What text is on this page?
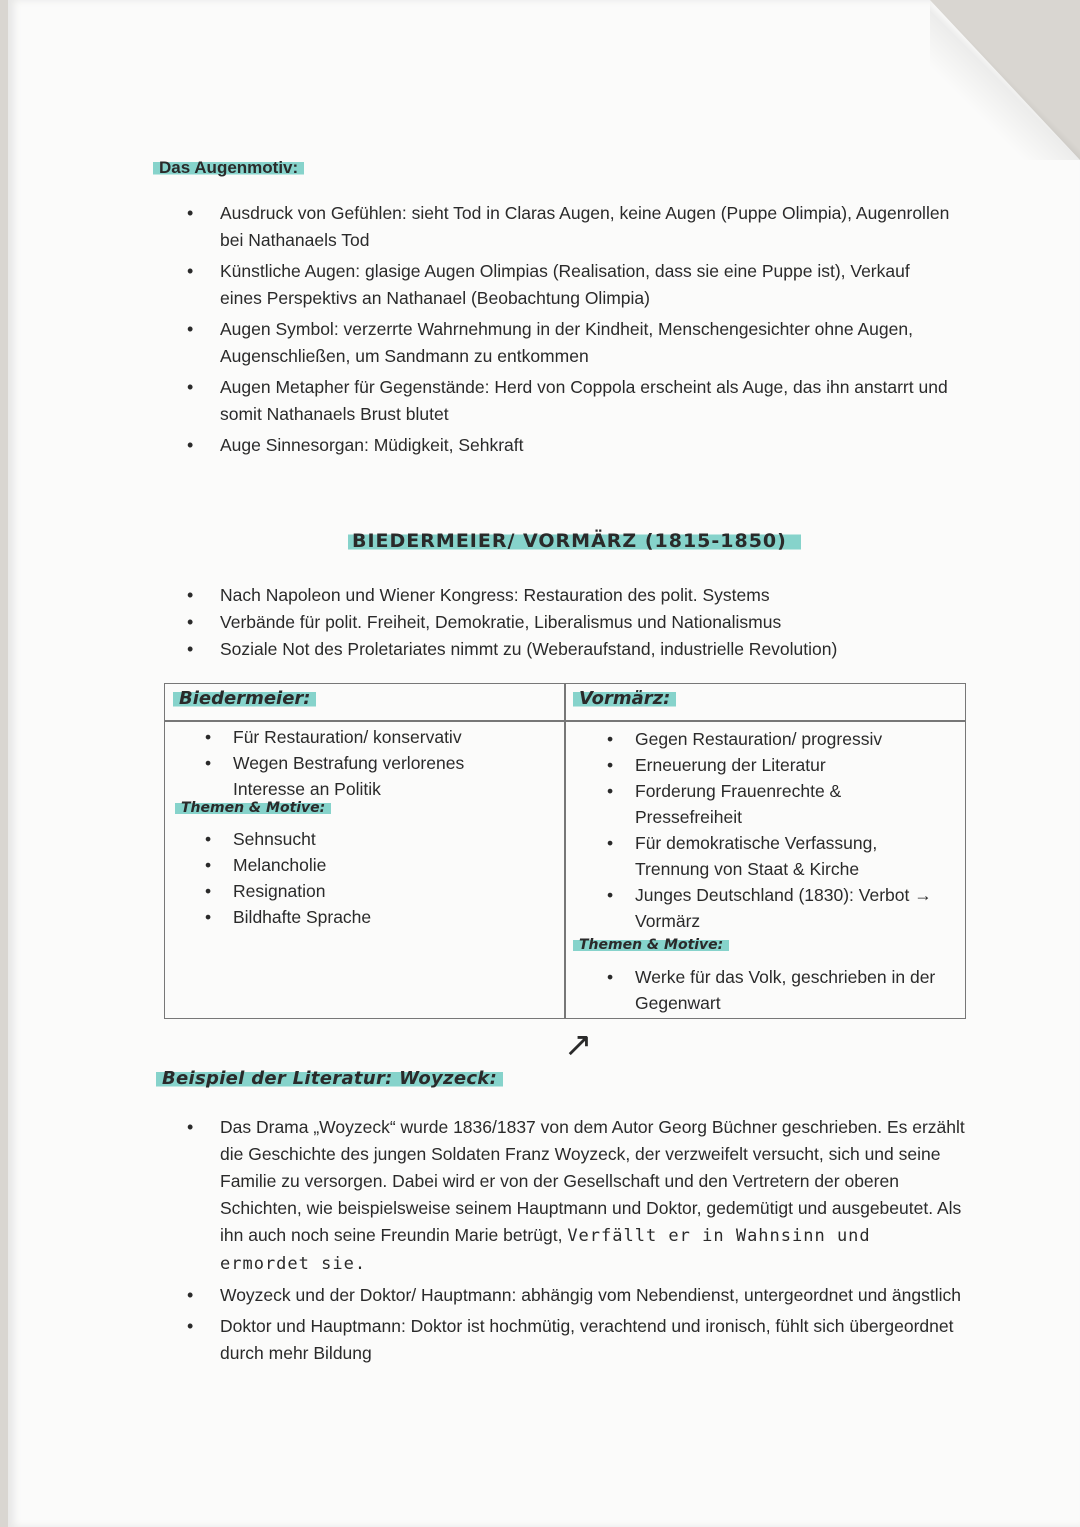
Das Augenmotiv:
• Ausdruck von Gefühlen: sieht Tod in Claras Augen, keine Augen (Puppe Olimpia), Augenrollen bei Nathanaels Tod
• Künstliche Augen: glasige Augen Olimpias (Realisation, dass sie eine Puppe ist), Verkauf eines Perspektivs an Nathanael (Beobachtung Olimpia)
• Augen Symbol: verzerrte Wahrnehmung in der Kindheit, Menschengesichter ohne Augen, Augenschließen, um Sandmann zu entkommen
• Augen Metapher für Gegenstände: Herd von Coppola erscheint als Auge, das ihn anstarrt und somit Nathanaels Brust blutet
• Auge Sinnesorgan: Müdigkeit, Sehkraft
BIEDERMEIER/ VORMÄRZ (1815-1850)
• Nach Napoleon und Wiener Kongress: Restauration des polit. Systems
• Verbände für polit. Freiheit, Demokratie, Liberalismus und Nationalismus
• Soziale Not des Proletariates nimmt zu (Weberaufstand, industrielle Revolution)
Biedermeier:
• Für Restauration/ konservativ
• Wegen Bestrafung verlorenes Interesse an Politik
Themen & Motive:
• Sehnsucht
• Melancholie
• Resignation
• Bildhafte Sprache
Vormärz:
• Gegen Restauration/ progressiv
• Erneuerung der Literatur
• Forderung Frauenrechte & Pressefreiheit
• Für demokratische Verfassung, Trennung von Staat & Kirche
• Junges Deutschland (1830): Verbot → Vormärz
Themen & Motive:
• Werke für das Volk, geschrieben in der Gegenwart
↗
Beispiel der Literatur: Woyzeck:
• Das Drama „Woyzeck“ wurde 1836/1837 von dem Autor Georg Büchner geschrieben. Es erzählt die Geschichte des jungen Soldaten Franz Woyzeck, der verzweifelt versucht, sich und seine Familie zu versorgen. Dabei wird er von der Gesellschaft und den Vertretern der oberen Schichten, wie beispielsweise seinem Hauptmann und Doktor, gedemütigt und ausgebeutet. Als ihn auch noch seine Freundin Marie betrügt, Verfällt er in Wahnsinn und ermordet sie.
• Woyzeck und der Doktor/ Hauptmann: abhängig vom Nebendienst, untergeordnet und ängstlich
• Doktor und Hauptmann: Doktor ist hochmütig, verachtend und ironisch, fühlt sich übergeordnet durch mehr Bildung
